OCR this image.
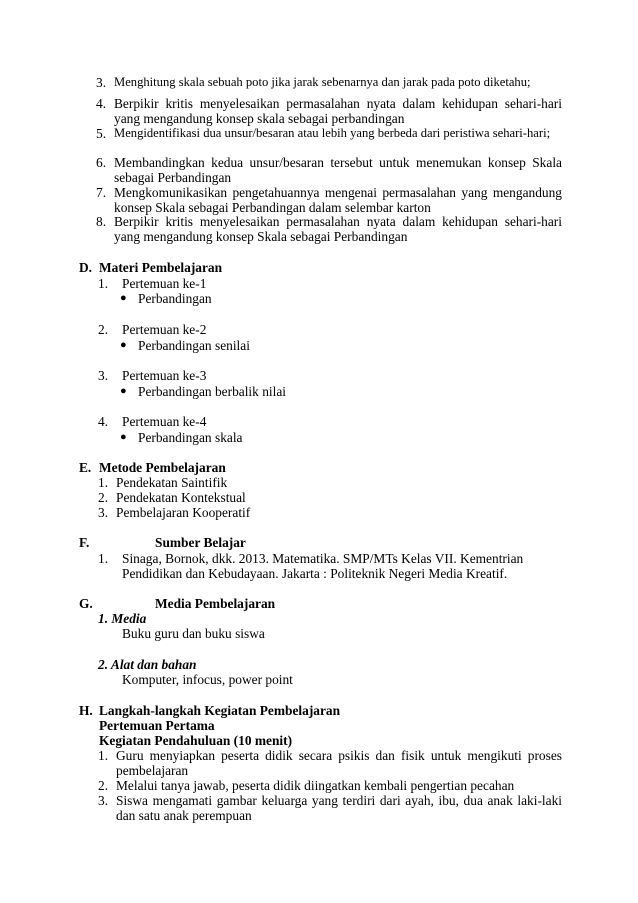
3. Menghitung skala sebuah poto jika jarak sebenarnya dan jarak pada poto diketahu;
4. Berpikir kritis menyelesaikan permasalahan nyata dalam kehidupan sehari-hari yang mengandung konsep skala sebagai perbandingan
5. Mengidentifikasi dua unsur/besaran atau lebih yang berbeda dari peristiwa sehari-hari;
6. Membandingkan kedua unsur/besaran tersebut untuk menemukan konsep Skala sebagai Perbandingan
7. Mengkomunikasikan pengetahuannya mengenai permasalahan yang mengandung konsep Skala sebagai Perbandingan dalam selembar karton
8. Berpikir kritis menyelesaikan permasalahan nyata dalam kehidupan sehari-hari yang mengandung konsep Skala sebagai Perbandingan
D. Materi Pembelajaran
1. Pertemuan ke-1
● Perbandingan
2. Pertemuan ke-2
● Perbandingan senilai
3. Pertemuan ke-3
● Perbandingan berbalik nilai
4. Pertemuan ke-4
● Perbandingan skala
E. Metode Pembelajaran
1. Pendekatan Saintifik
2. Pendekatan Kontekstual
3. Pembelajaran Kooperatif
F.	Sumber Belajar
1. Sinaga, Bornok, dkk. 2013. Matematika. SMP/MTs Kelas VII. Kementrian
Pendidikan dan Kebudayaan. Jakarta : Politeknik Negeri Media Kreatif.
G.	Media Pembelajaran
1. Media
Buku guru dan buku siswa
2. Alat dan bahan
Komputer, infocus, power point
H. Langkah-langkah Kegiatan Pembelajaran
Pertemuan Pertama
Kegiatan Pendahuluan (10 menit)
1. Guru menyiapkan peserta didik secara psikis dan fisik untuk mengikuti proses pembelajaran
2. Melalui tanya jawab, peserta didik diingatkan kembali pengertian pecahan
3. Siswa mengamati gambar keluarga yang terdiri dari ayah, ibu, dua anak laki-laki dan satu anak perempuan
